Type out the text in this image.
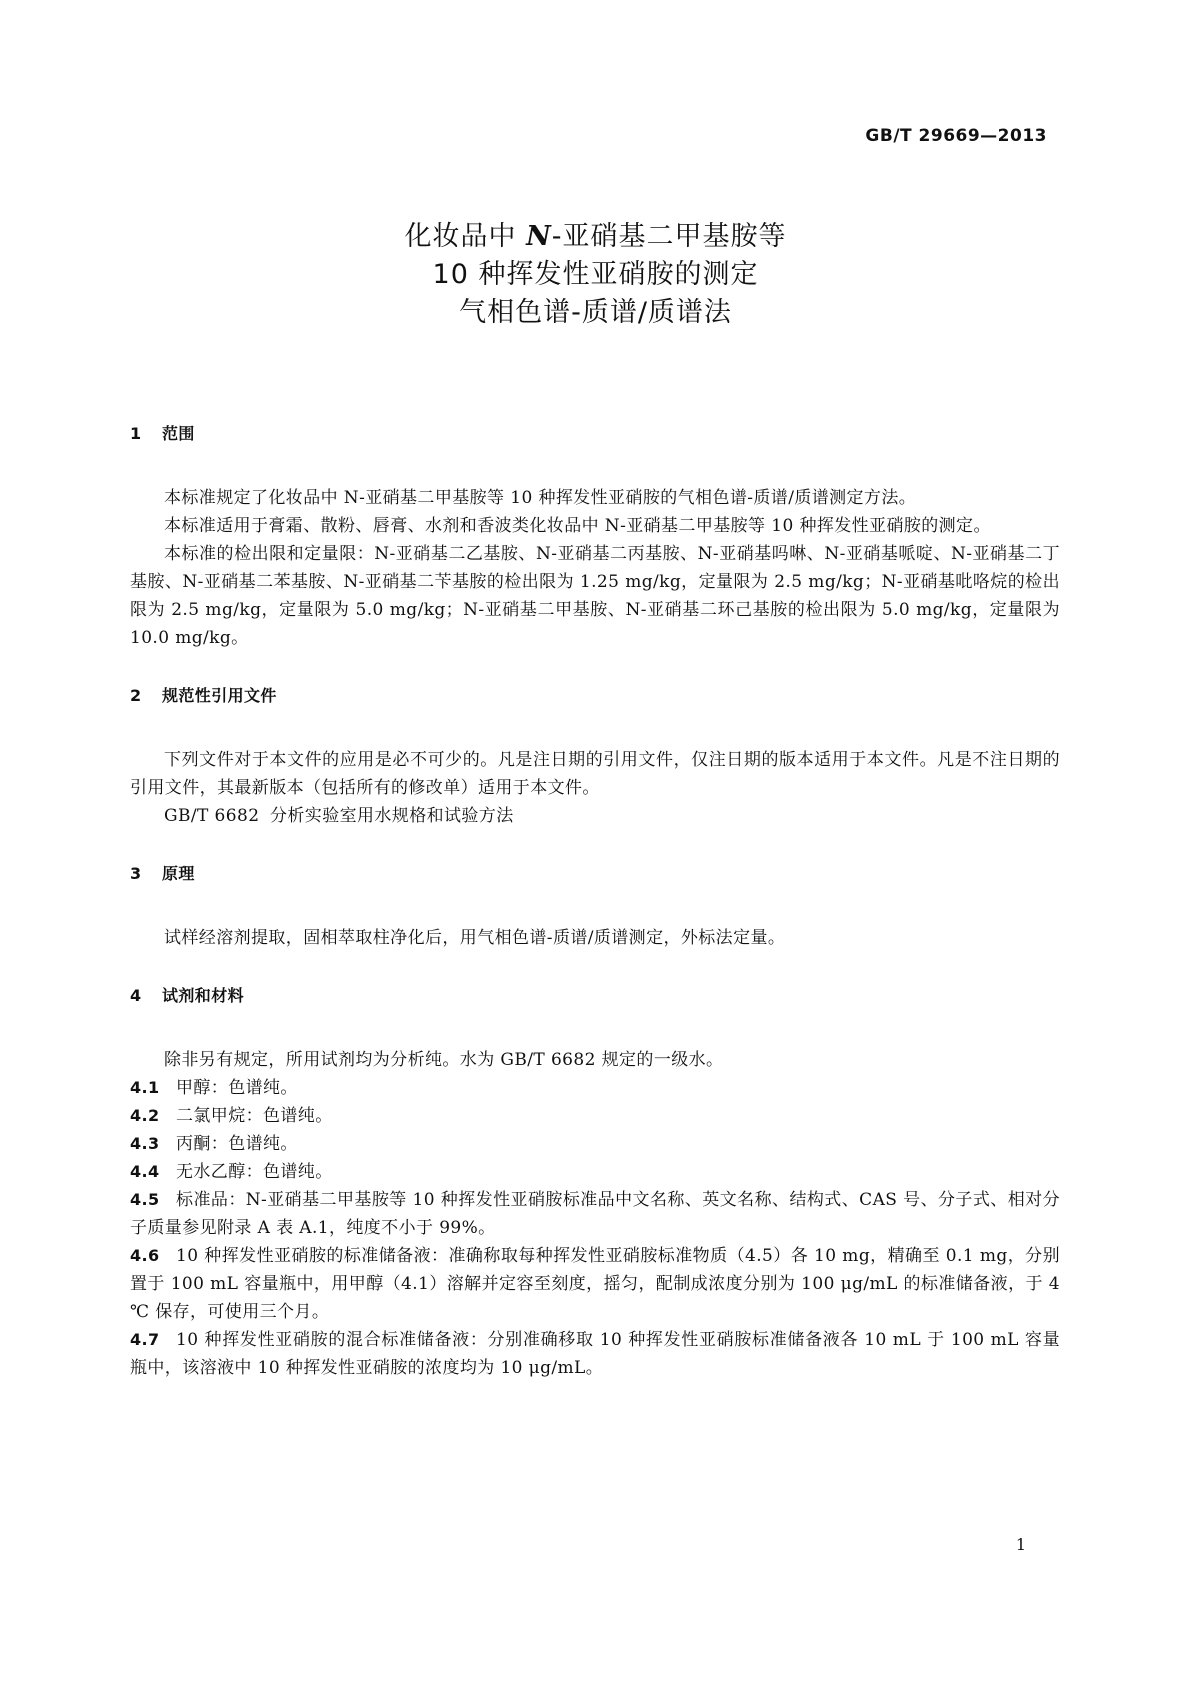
GB/T 29669—2013
化妆品中 N-亚硝基二甲基胺等
10 种挥发性亚硝胺的测定
气相色谱-质谱/质谱法
1 范围

本标准规定了化妆品中 N-亚硝基二甲基胺等 10 种挥发性亚硝胺的气相色谱-质谱/质谱测定方法。

本标准适用于膏霜、散粉、唇膏、水剂和香波类化妆品中 N-亚硝基二甲基胺等 10 种挥发性亚硝胺的测定。

本标准的检出限和定量限：N-亚硝基二乙基胺、N-亚硝基二丙基胺、N-亚硝基吗啉、N-亚硝基哌啶、N-亚硝基二丁基胺、N-亚硝基二苯基胺、N-亚硝基二苄基胺的检出限为 1.25 mg/kg，定量限为 2.5 mg/kg；N-亚硝基吡咯烷的检出限为 2.5 mg/kg，定量限为 5.0 mg/kg；N-亚硝基二甲基胺、N-亚硝基二环己基胺的检出限为 5.0 mg/kg，定量限为 10.0 mg/kg。

2 规范性引用文件

下列文件对于本文件的应用是必不可少的。凡是注日期的引用文件，仅注日期的版本适用于本文件。凡是不注日期的引用文件，其最新版本（包括所有的修改单）适用于本文件。

GB/T 6682 分析实验室用水规格和试验方法

3 原理

试样经溶剂提取，固相萃取柱净化后，用气相色谱-质谱/质谱测定，外标法定量。

4 试剂和材料

除非另有规定，所用试剂均为分析纯。水为 GB/T 6682 规定的一级水。

4.1 甲醇：色谱纯。

4.2 二氯甲烷：色谱纯。

4.3 丙酮：色谱纯。

4.4 无水乙醇：色谱纯。

4.5 标准品：N-亚硝基二甲基胺等 10 种挥发性亚硝胺标准品中文名称、英文名称、结构式、CAS 号、分子式、相对分子质量参见附录 A 表 A.1，纯度不小于 99%。

4.6 10 种挥发性亚硝胺的标准储备液：准确称取每种挥发性亚硝胺标准物质（4.5）各 10 mg，精确至 0.1 mg，分别置于 100 mL 容量瓶中，用甲醇（4.1）溶解并定容至刻度，摇匀，配制成浓度分别为 100 μg/mL 的标准储备液，于 4 ℃ 保存，可使用三个月。

4.7 10 种挥发性亚硝胺的混合标准储备液：分别准确移取 10 种挥发性亚硝胺标准储备液各 10 mL 于 100 mL 容量瓶中，该溶液中 10 种挥发性亚硝胺的浓度均为 10 μg/mL。

1
